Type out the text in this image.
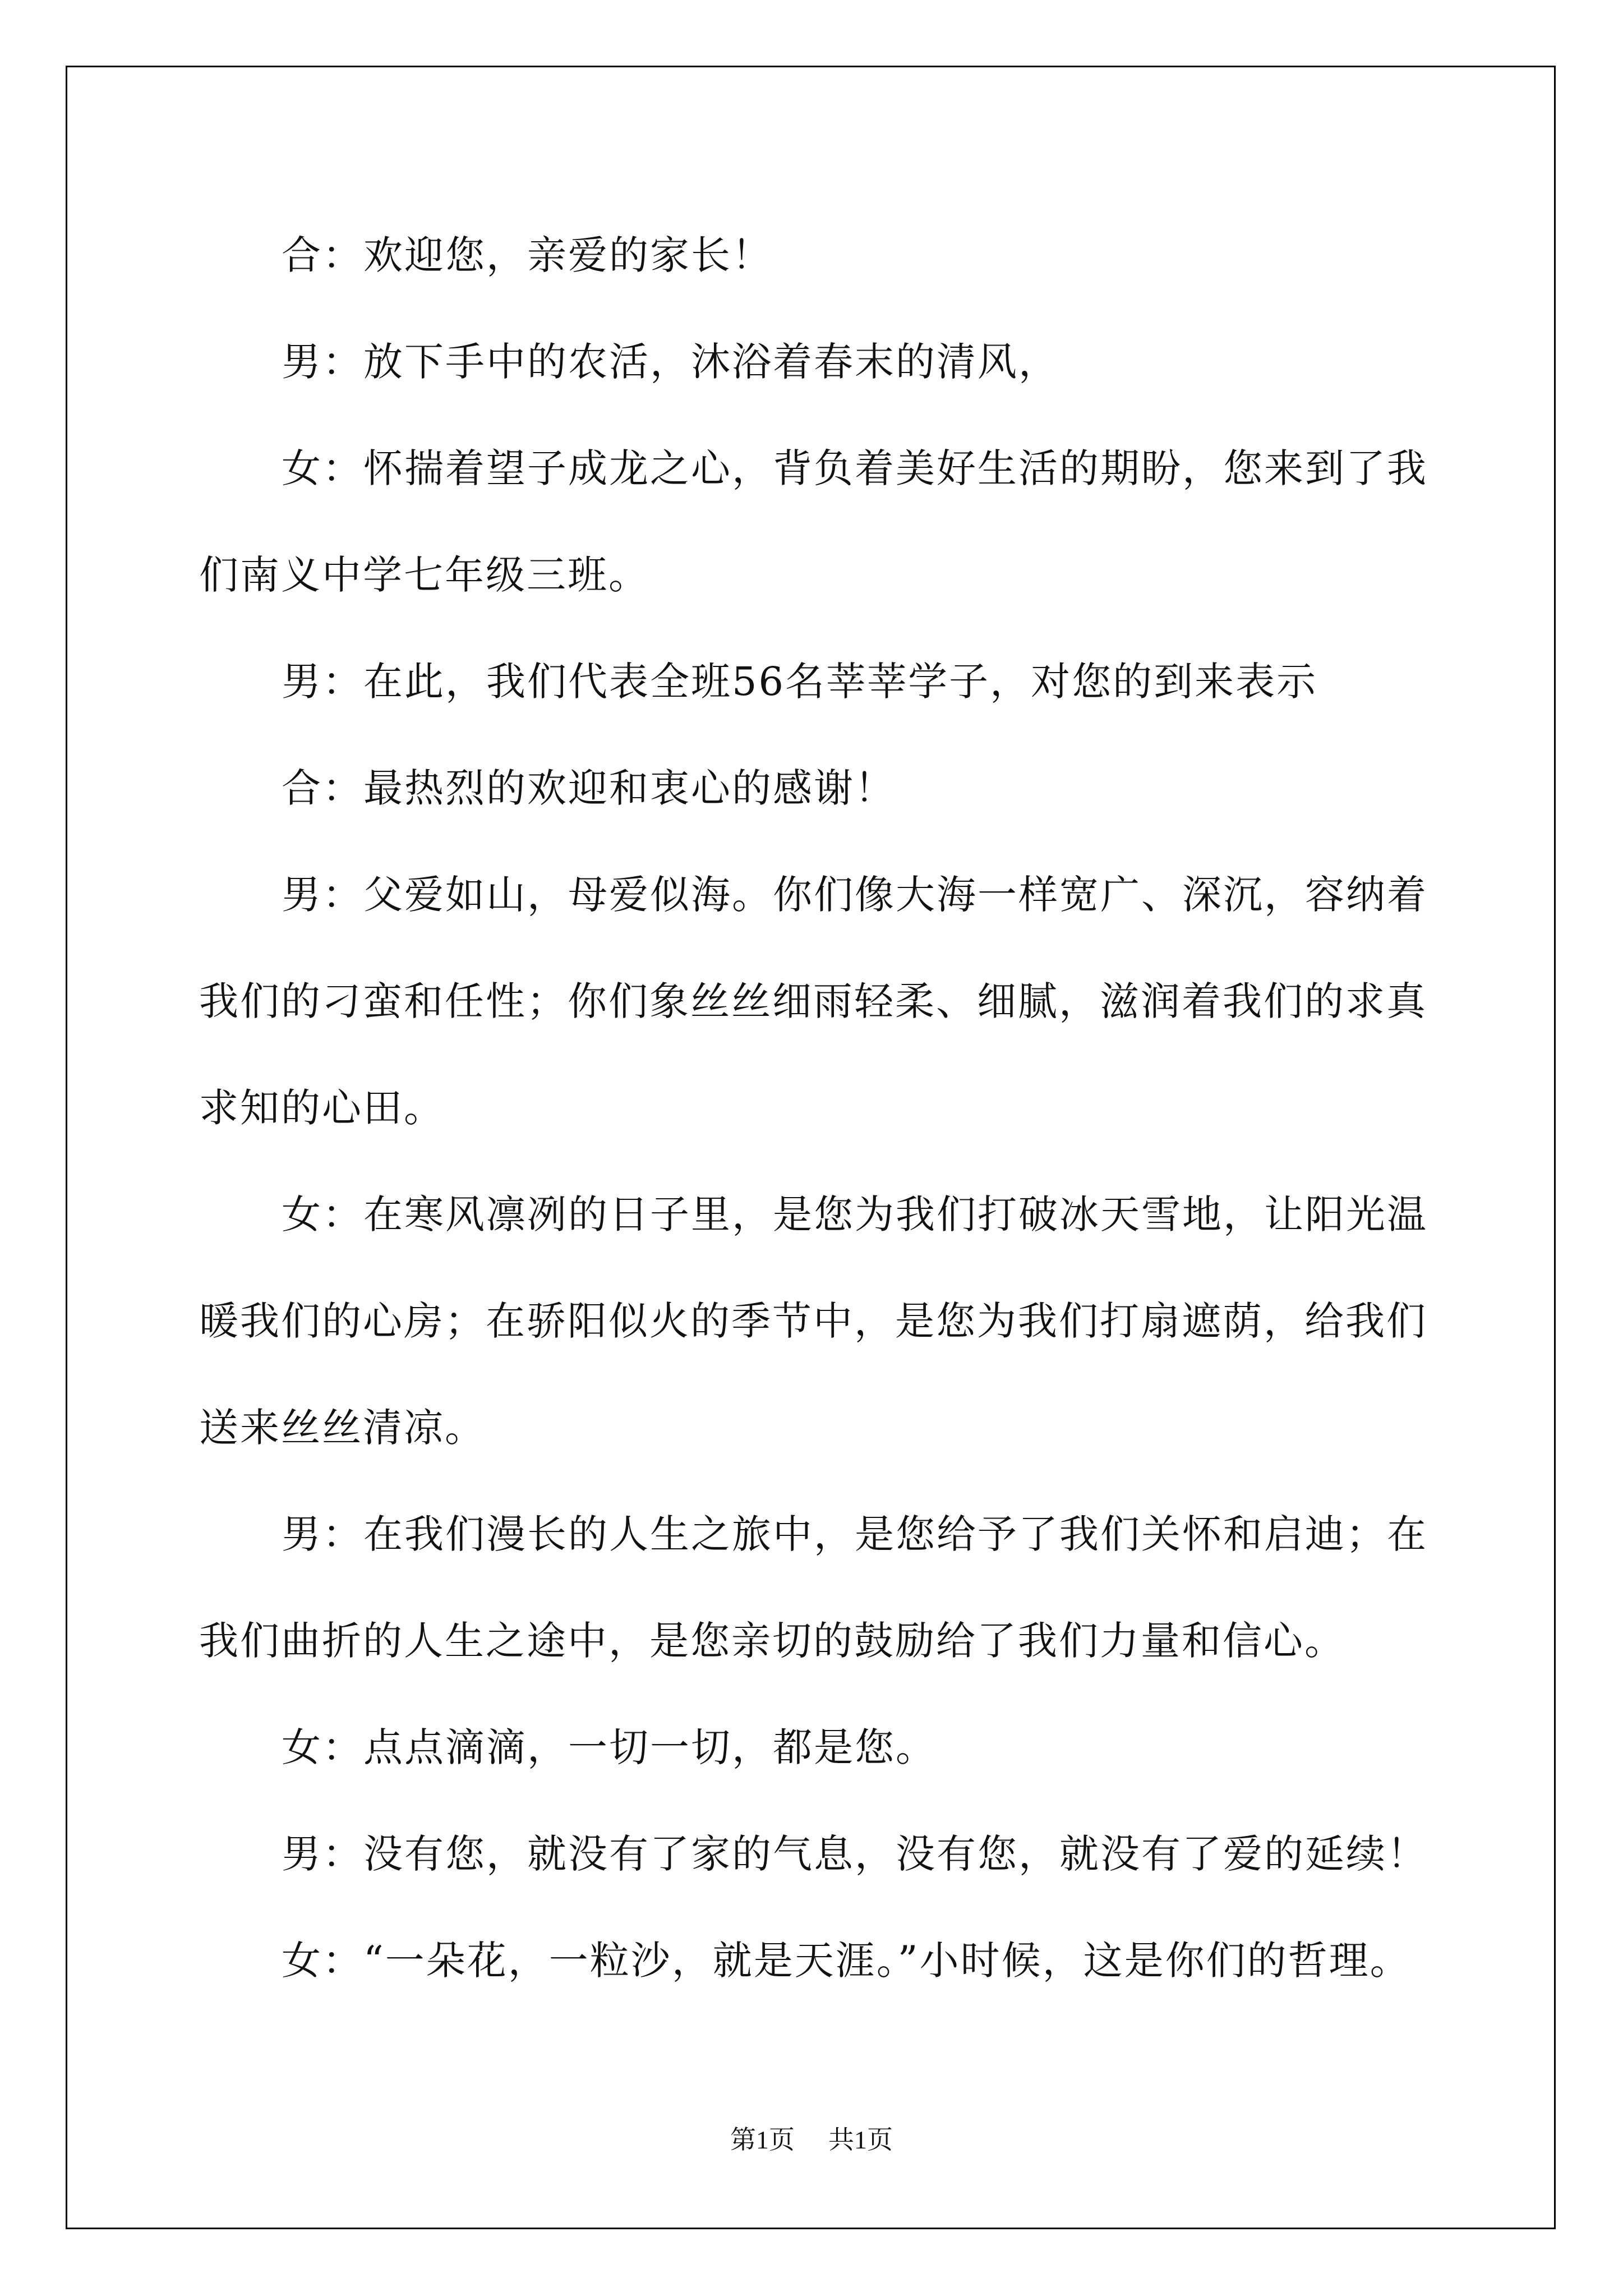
合：欢迎您，亲爱的家长！

男：放下手中的农活，沐浴着春末的清风，

女：怀揣着望子成龙之心，背负着美好生活的期盼，您来到了我们南义中学七年级三班。

男：在此，我们代表全班56名莘莘学子，对您的到来表示

合：最热烈的欢迎和衷心的感谢！

男：父爱如山，母爱似海。你们像大海一样宽广、深沉，容纳着我们的刁蛮和任性；你们象丝丝细雨轻柔、细腻，滋润着我们的求真求知的心田。

女：在寒风凛冽的日子里，是您为我们打破冰天雪地，让阳光温暖我们的心房；在骄阳似火的季节中，是您为我们打扇遮荫，给我们送来丝丝清凉。

男：在我们漫长的人生之旅中，是您给予了我们关怀和启迪；在我们曲折的人生之途中，是您亲切的鼓励给了我们力量和信心。

女：点点滴滴，一切一切，都是您。

男：没有您，就没有了家的气息，没有您，就没有了爱的延续！

女：“一朵花，一粒沙，就是天涯。”小时候，这是你们的哲理。

第1页 共1页
